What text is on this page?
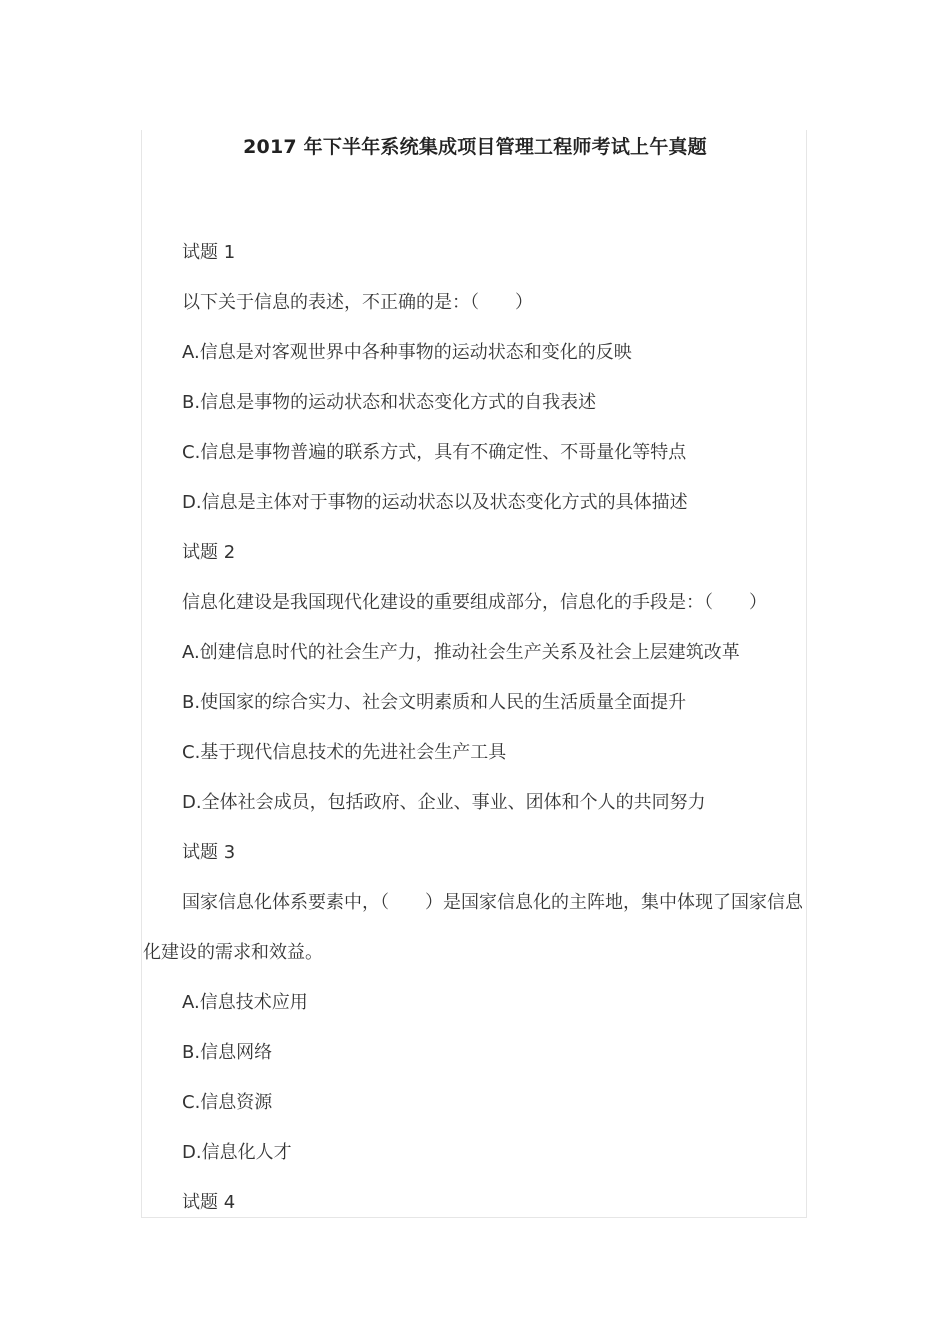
2017 年下半年系统集成项目管理工程师考试上午真题
试题 1
以下关于信息的表述，不正确的是：（　　）
A.信息是对客观世界中各种事物的运动状态和变化的反映
B.信息是事物的运动状态和状态变化方式的自我表述
C.信息是事物普遍的联系方式，具有不确定性、不哥量化等特点
D.信息是主体对于事物的运动状态以及状态变化方式的具体描述
试题 2
信息化建设是我国现代化建设的重要组成部分，信息化的手段是：（　　）
A.创建信息时代的社会生产力，推动社会生产关系及社会上层建筑改革
B.使国家的综合实力、社会文明素质和人民的生活质量全面提升
C.基于现代信息技术的先进社会生产工具
D.全体社会成员，包括政府、企业、事业、团体和个人的共同努力
试题 3
国家信息化体系要素中，（　　）是国家信息化的主阵地，集中体现了国家信息化建设的需求和效益。
A.信息技术应用
B.信息网络
C.信息资源
D.信息化人才
试题 4
